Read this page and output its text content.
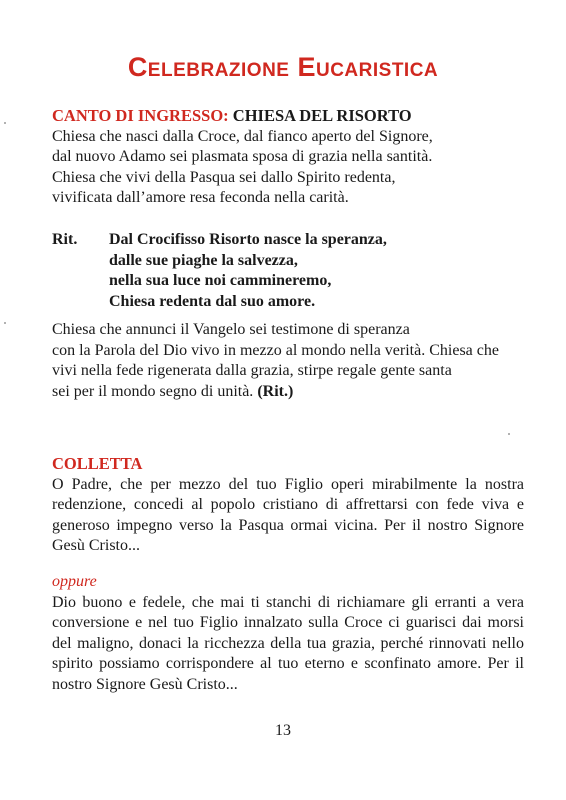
Celebrazione Eucaristica
CANTO DI INGRESSO: CHIESA DEL RISORTO
Chiesa che nasci dalla Croce, dal fianco aperto del Signore,
dal nuovo Adamo sei plasmata sposa di grazia nella santità.
Chiesa che vivi della Pasqua sei dallo Spirito redenta,
vivificata dall’amore resa feconda nella carità.
Rit.	Dal Crocifisso Risorto nasce la speranza,
dalle sue piaghe la salvezza,
nella sua luce noi cammineremo,
Chiesa redenta dal suo amore.
Chiesa che annunci il Vangelo sei testimone di speranza
con la Parola del Dio vivo in mezzo al mondo nella verità. Chiesa che
vivi nella fede rigenerata dalla grazia, stirpe regale gente santa
sei per il mondo segno di unità. (Rit.)
COLLETTA
O Padre, che per mezzo del tuo Figlio operi mirabilmente la nostra
redenzione, concedi al popolo cristiano di affrettarsi con fede viva e
generoso impegno verso la Pasqua ormai vicina. Per il nostro Signore
Gesù Cristo...
oppure
Dio buono e fedele, che mai ti stanchi di richiamare gli erranti a vera
conversione e nel tuo Figlio innalzato sulla Croce ci guarisci dai morsi
del maligno, donaci la ricchezza della tua grazia, perché rinnovati nello
spirito possiamo corrispondere al tuo eterno e sconfinato amore. Per il
nostro Signore Gesù Cristo...
13
